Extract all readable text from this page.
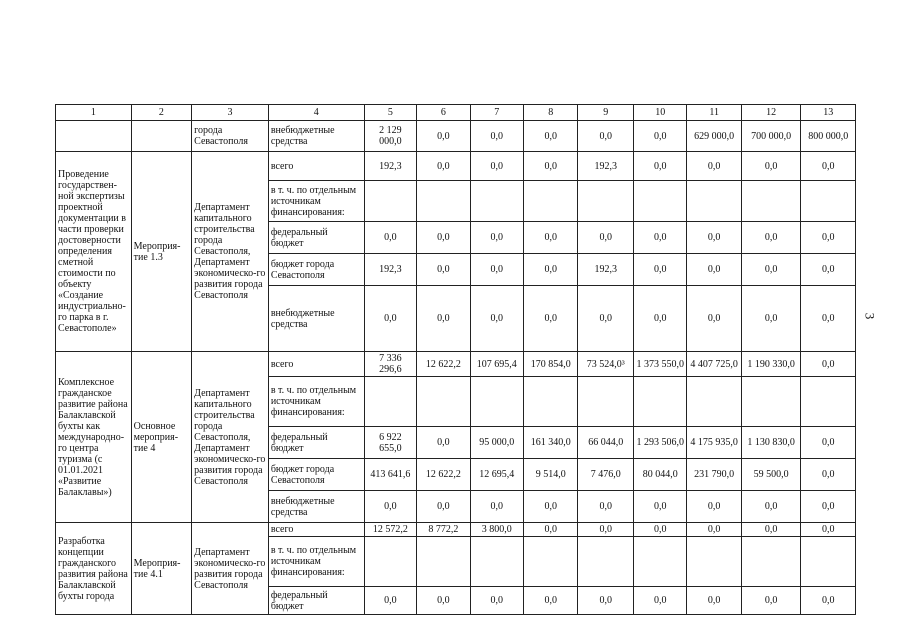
3
1	2	3	4	5	6	7	8	9	10	11	12	13
		города Севастополя	внебюджетные средства	2 129 000,0	0,0	0,0	0,0	0,0	0,0	629 000,0	700 000,0	800 000,0
Проведение государствен-ной экспертизы проектной документации в части проверки достоверности определения сметной стоимости по объекту «Создание индустриально-го парка в г. Севастополе»	Мероприя-тие 1.3	Департамент капитального строительства города Севастополя, Департамент экономическо-го развития города Севастополя	всего	192,3	0,0	0,0	0,0	192,3	0,0	0,0	0,0	0,0
			в т. ч. по отдельным источникам финансирования:									
			федеральный бюджет	0,0	0,0	0,0	0,0	0,0	0,0	0,0	0,0	0,0
			бюджет города Севастополя	192,3	0,0	0,0	0,0	192,3	0,0	0,0	0,0	0,0
			внебюджетные средства	0,0	0,0	0,0	0,0	0,0	0,0	0,0	0,0	0,0
Комплексное гражданское развитие района Балаклавской бухты как международно-го центра туризма (с 01.01.2021 «Развитие Балаклавы»)	Основное мероприя-тие 4	Департамент капитального строительства города Севастополя, Департамент экономическо-го развития города Севастополя	всего	7 336 296,6	12 622,2	107 695,4	170 854,0	73 524,0³	1 373 550,0	4 407 725,0	1 190 330,0	0,0
			в т. ч. по отдельным источникам финансирования:									
			федеральный бюджет	6 922 655,0	0,0	95 000,0	161 340,0	66 044,0	1 293 506,0	4 175 935,0	1 130 830,0	0,0
			бюджет города Севастополя	413 641,6	12 622,2	12 695,4	9 514,0	7 476,0	80 044,0	231 790,0	59 500,0	0,0
			внебюджетные средства	0,0	0,0	0,0	0,0	0,0	0,0	0,0	0,0	0,0
Разработка концепции гражданского развития района Балаклавской бухты города	Мероприя-тие 4.1	Департамент экономическо-го развития города Севастополя	всего	12 572,2	8 772,2	3 800,0	0,0	0,0	0,0	0,0	0,0	0,0
			в т. ч. по отдельным источникам финансирования:									
			федеральный бюджет	0,0	0,0	0,0	0,0	0,0	0,0	0,0	0,0	0,0
